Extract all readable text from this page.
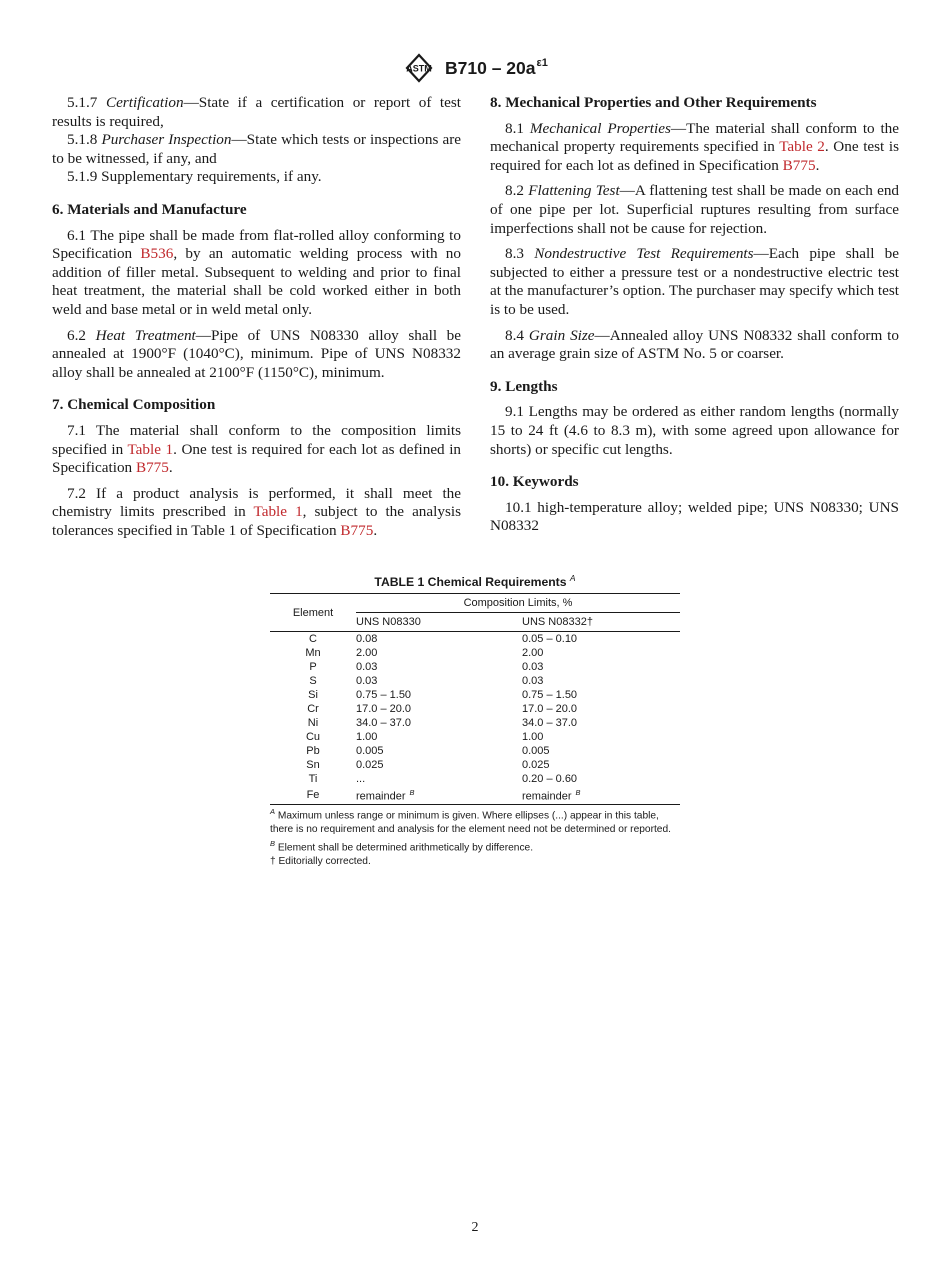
ASTM $B710 - 20a^{\varepsilon 1}$

5.1.7 Certification—State if a certification or report of test results is required,

5.1.8 Purchaser Inspection—State which tests or inspections are to be witnessed, if any, and

5.1.9 Supplementary requirements, if any.

6. Materials and Manufacture

6.1 The pipe shall be made from flat-rolled alloy conforming to Specification B536, by an automatic welding process with no addition of filler metal. Subsequent to welding and prior to final heat treatment, the material shall be cold worked either in both weld and base metal or in weld metal only.

6.2 Heat Treatment—Pipe of UNS N08330 alloy shall be annealed at 1900°F (1040°C), minimum. Pipe of UNS N08332 alloy shall be annealed at 2100°F (1150°C), minimum.

7. Chemical Composition

7.1 The material shall conform to the composition limits specified in Table 1. One test is required for each lot as defined in Specification B775.

7.2 If a product analysis is performed, it shall meet the chemistry limits prescribed in Table 1, subject to the analysis tolerances specified in Table 1 of Specification B775.

8. Mechanical Properties and Other Requirements

8.1 Mechanical Properties—The material shall conform to the mechanical property requirements specified in Table 2. One test is required for each lot as defined in Specification B775.

8.2 Flattening Test—A flattening test shall be made on each end of one pipe per lot. Superficial ruptures resulting from surface imperfections shall not be cause for rejection.

8.3 Nondestructive Test Requirements—Each pipe shall be subjected to either a pressure test or a nondestructive electric test at the manufacturer’s option. The purchaser may specify which test is to be used.

8.4 Grain Size—Annealed alloy UNS N08332 shall conform to an average grain size of ASTM No. 5 or coarser.

9. Lengths

9.1 Lengths may be ordered as either random lengths (normally 15 to 24 ft (4.6 to 8.3 m), with some agreed upon allowance for shorts) or specific cut lengths.

10. Keywords

10.1 high-temperature alloy; welded pipe; UNS N08330; UNS N08332

TABLE 1 Chemical Requirements $^A$
Element	Composition Limits, %	
	UNS N08330	UNS N08332†
C	0.08	0.05 – 0.10
Mn	2.00	2.00
P	0.03	0.03
S	0.03	0.03
Si	0.75 – 1.50	0.75 – 1.50
Cr	17.0 – 20.0	17.0 – 20.0
Ni	34.0 – 37.0	34.0 – 37.0
Cu	1.00	1.00
Pb	0.005	0.005
Sn	0.025	0.025
Ti	...	0.20 – 0.60
Fe	remainder $^B$	remainder $^B$
$^A$ Maximum unless range or minimum is given. Where ellipses (...) appear in this table, there is no requirement and analysis for the element need not be determined or reported.
$^B$ Element shall be determined arithmetically by difference.
† Editorially corrected.
2
